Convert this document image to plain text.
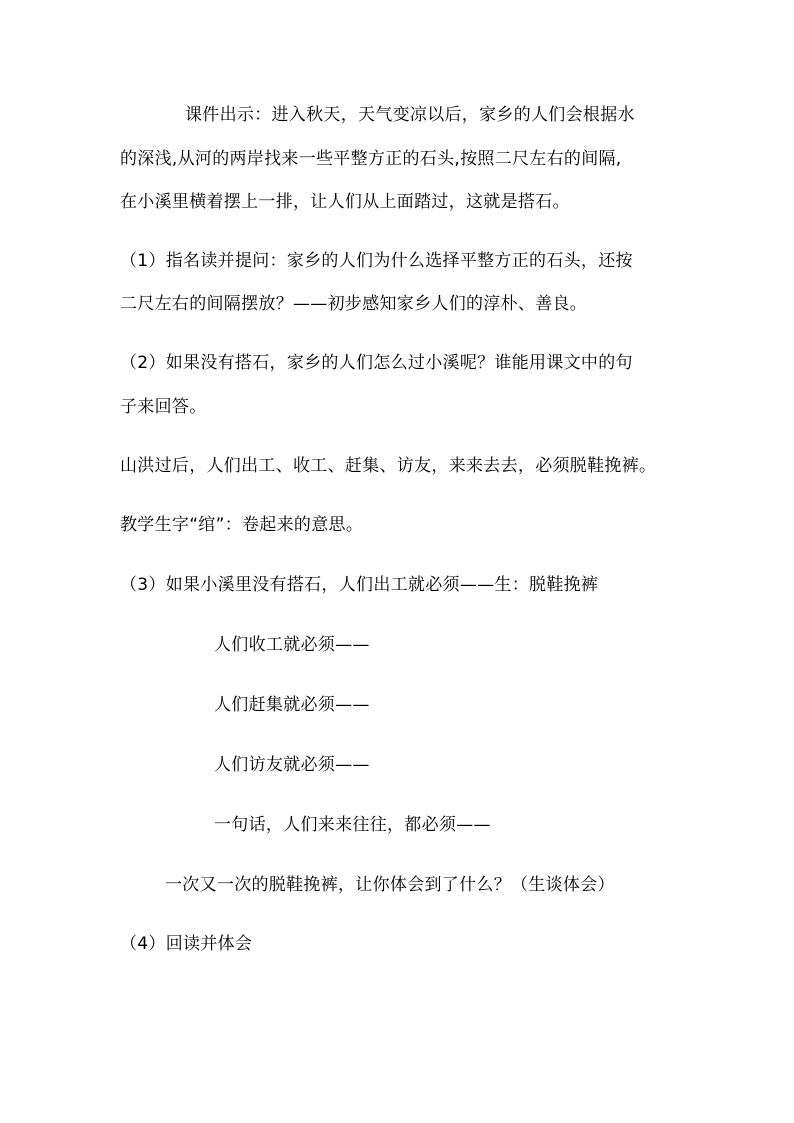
课件出示：进入秋天，天气变凉以后，家乡的人们会根据水
的深浅,从河的两岸找来一些平整方正的石头,按照二尺左右的间隔,
在小溪里横着摆上一排，让人们从上面踏过，这就是搭石。
（1）指名读并提问：家乡的人们为什么选择平整方正的石头，还按
二尺左右的间隔摆放？——初步感知家乡人们的淳朴、善良。
（2）如果没有搭石，家乡的人们怎么过小溪呢？谁能用课文中的句
子来回答。
山洪过后，人们出工、收工、赶集、访友，来来去去，必须脱鞋挽裤。
教学生字“绾”：卷起来的意思。
（3）如果小溪里没有搭石，人们出工就必须——生：脱鞋挽裤
人们收工就必须——
人们赶集就必须——
人们访友就必须——
一句话，人们来来往往，都必须——
一次又一次的脱鞋挽裤，让你体会到了什么？（生谈体会）
（4）回读并体会
